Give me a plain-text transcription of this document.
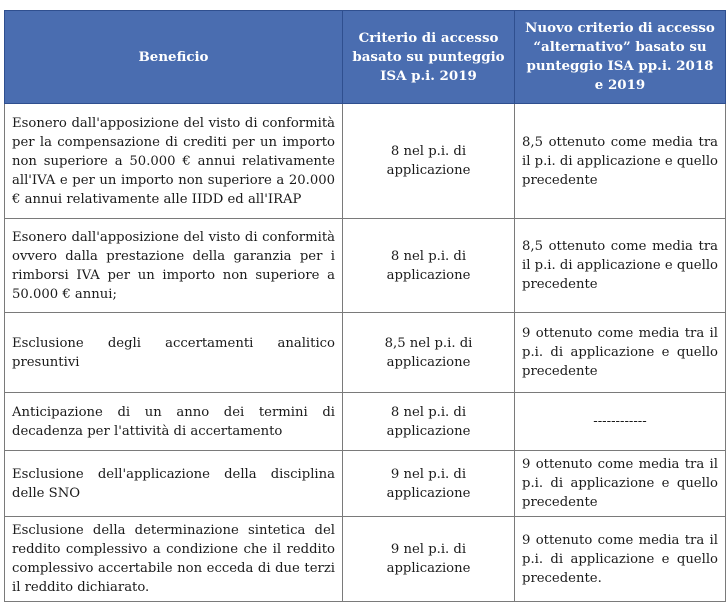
Beneficio	Criterio di accesso basato su punteggio ISA p.i. 2019	Nuovo criterio di accesso “alternativo” basato su punteggio ISA pp.i. 2018 e 2019
Esonero dall'apposizione del visto di conformità per la compensazione di crediti per un importo non superiore a 50.000 € annui relativamente all'IVA e per un importo non superiore a 20.000 € annui relativamente alle IIDD ed all'IRAP	8 nel p.i. di applicazione	8,5 ottenuto come media tra il p.i. di applicazione e quello precedente
Esonero dall'apposizione del visto di conformità ovvero dalla prestazione della garanzia per i rimborsi IVA per un importo non superiore a 50.000 € annui;	8 nel p.i. di applicazione	8,5 ottenuto come media tra il p.i. di applicazione e quello precedente
Esclusione degli accertamenti analitico presuntivi	8,5 nel p.i. di applicazione	9 ottenuto come media tra il p.i. di applicazione e quello precedente
Anticipazione di un anno dei termini di decadenza per l'attività di accertamento	8 nel p.i. di applicazione	------------
Esclusione dell'applicazione della disciplina delle SNO	9 nel p.i. di applicazione	9 ottenuto come media tra il p.i. di applicazione e quello precedente
Esclusione della determinazione sintetica del reddito complessivo a condizione che il reddito complessivo accertabile non ecceda di due terzi il reddito dichiarato.	9 nel p.i. di applicazione	9 ottenuto come media tra il p.i. di applicazione e quello precedente.
